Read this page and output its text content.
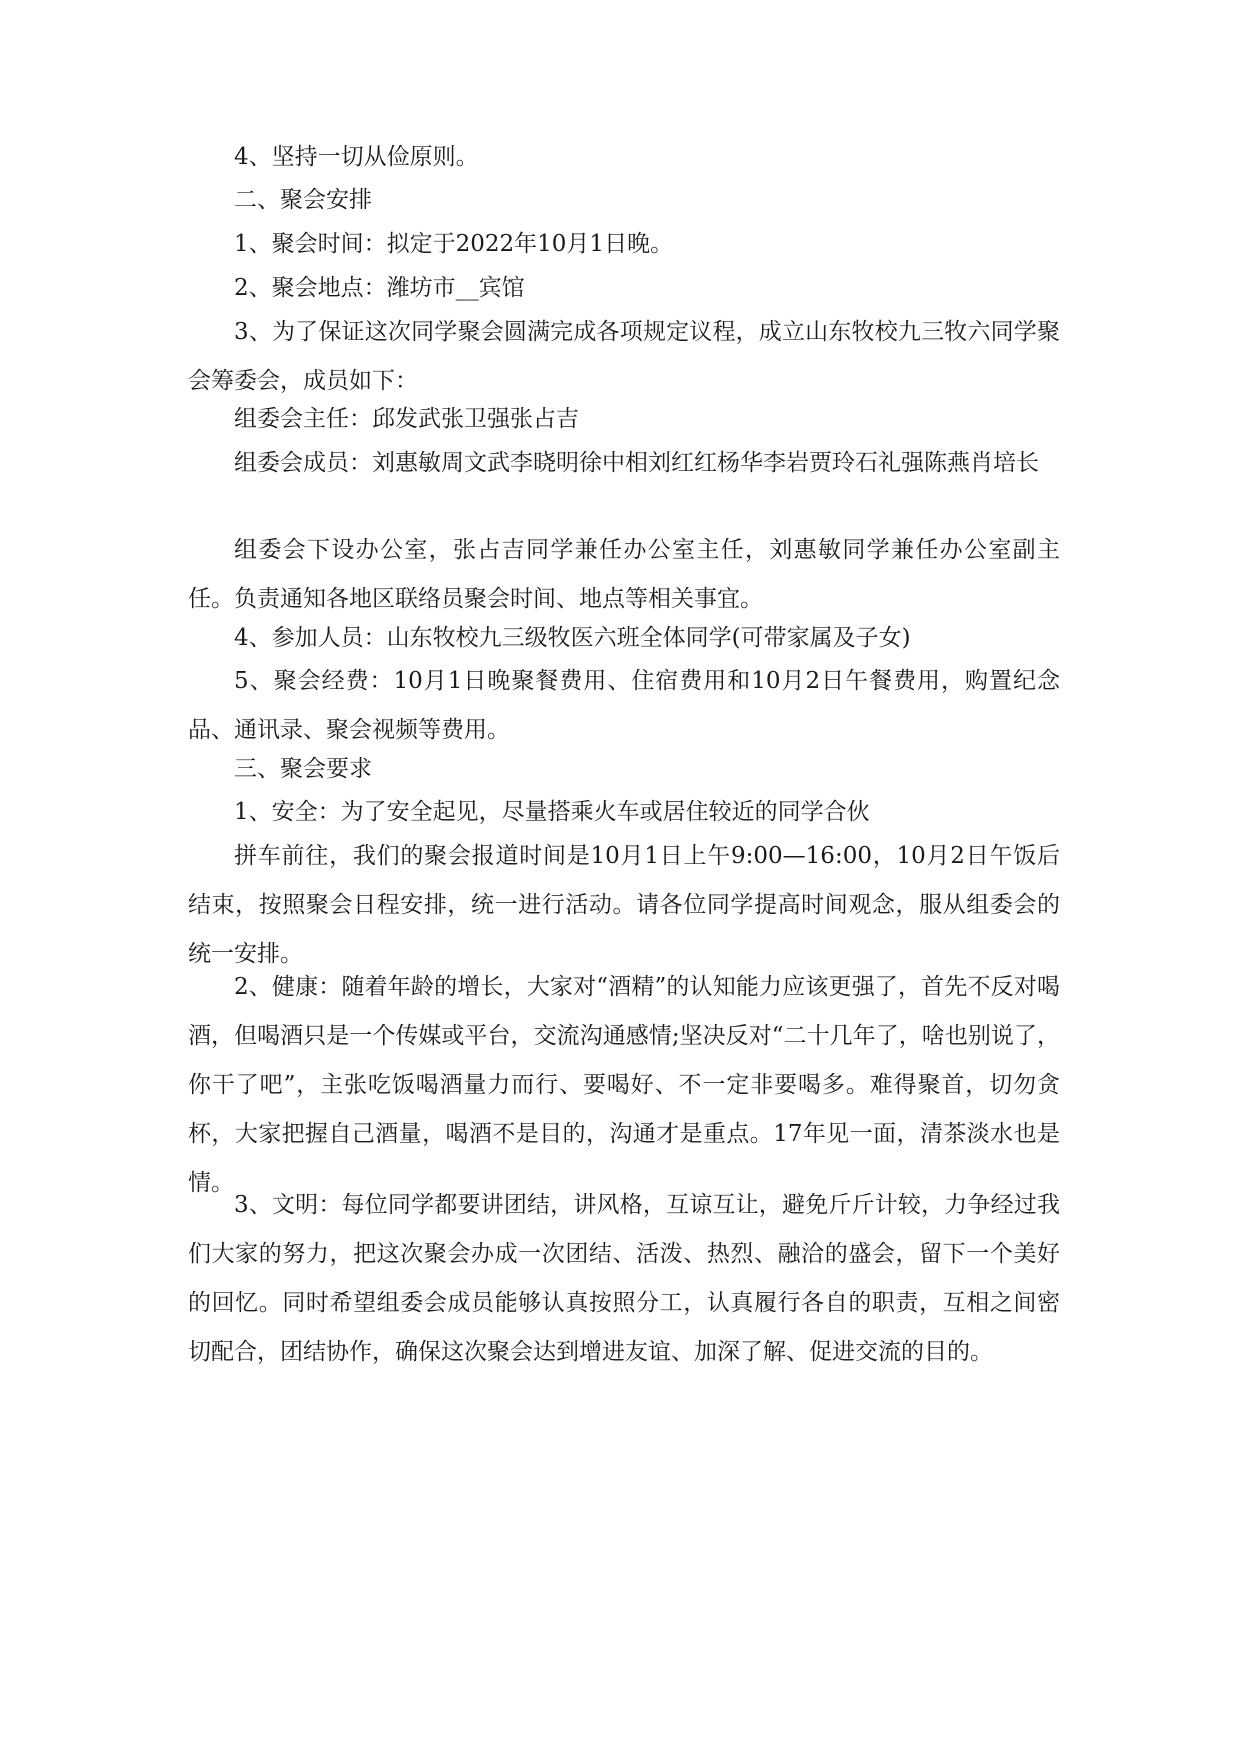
4、坚持一切从俭原则。

二、聚会安排

1、聚会时间：拟定于2022年10月1日晚。

2、聚会地点：潍坊市__宾馆

3、为了保证这次同学聚会圆满完成各项规定议程，成立山东牧校九三牧六同学聚会筹委会，成员如下：

组委会主任：邱发武张卫强张占吉

组委会成员：刘惠敏周文武李晓明徐中相刘红红杨华李岩贾玲石礼强陈燕肖培长

组委会下设办公室，张占吉同学兼任办公室主任，刘惠敏同学兼任办公室副主任。负责通知各地区联络员聚会时间、地点等相关事宜。

4、参加人员：山东牧校九三级牧医六班全体同学(可带家属及子女)

5、聚会经费：10月1日晚聚餐费用、住宿费用和10月2日午餐费用，购置纪念品、通讯录、聚会视频等费用。

三、聚会要求

1、安全：为了安全起见，尽量搭乘火车或居住较近的同学合伙

拼车前往，我们的聚会报道时间是10月1日上午9:00—16:00，10月2日午饭后结束，按照聚会日程安排，统一进行活动。请各位同学提高时间观念，服从组委会的统一安排。

2、健康：随着年龄的增长，大家对“酒精”的认知能力应该更强了，首先不反对喝酒，但喝酒只是一个传媒或平台，交流沟通感情;坚决反对“二十几年了，啥也别说了，你干了吧”，主张吃饭喝酒量力而行、要喝好、不一定非要喝多。难得聚首，切勿贪杯，大家把握自己酒量，喝酒不是目的，沟通才是重点。17年见一面，清茶淡水也是情。

3、文明：每位同学都要讲团结，讲风格，互谅互让，避免斤斤计较，力争经过我们大家的努力，把这次聚会办成一次团结、活泼、热烈、融洽的盛会，留下一个美好的回忆。同时希望组委会成员能够认真按照分工，认真履行各自的职责，互相之间密切配合，团结协作，确保这次聚会达到增进友谊、加深了解、促进交流的目的。
